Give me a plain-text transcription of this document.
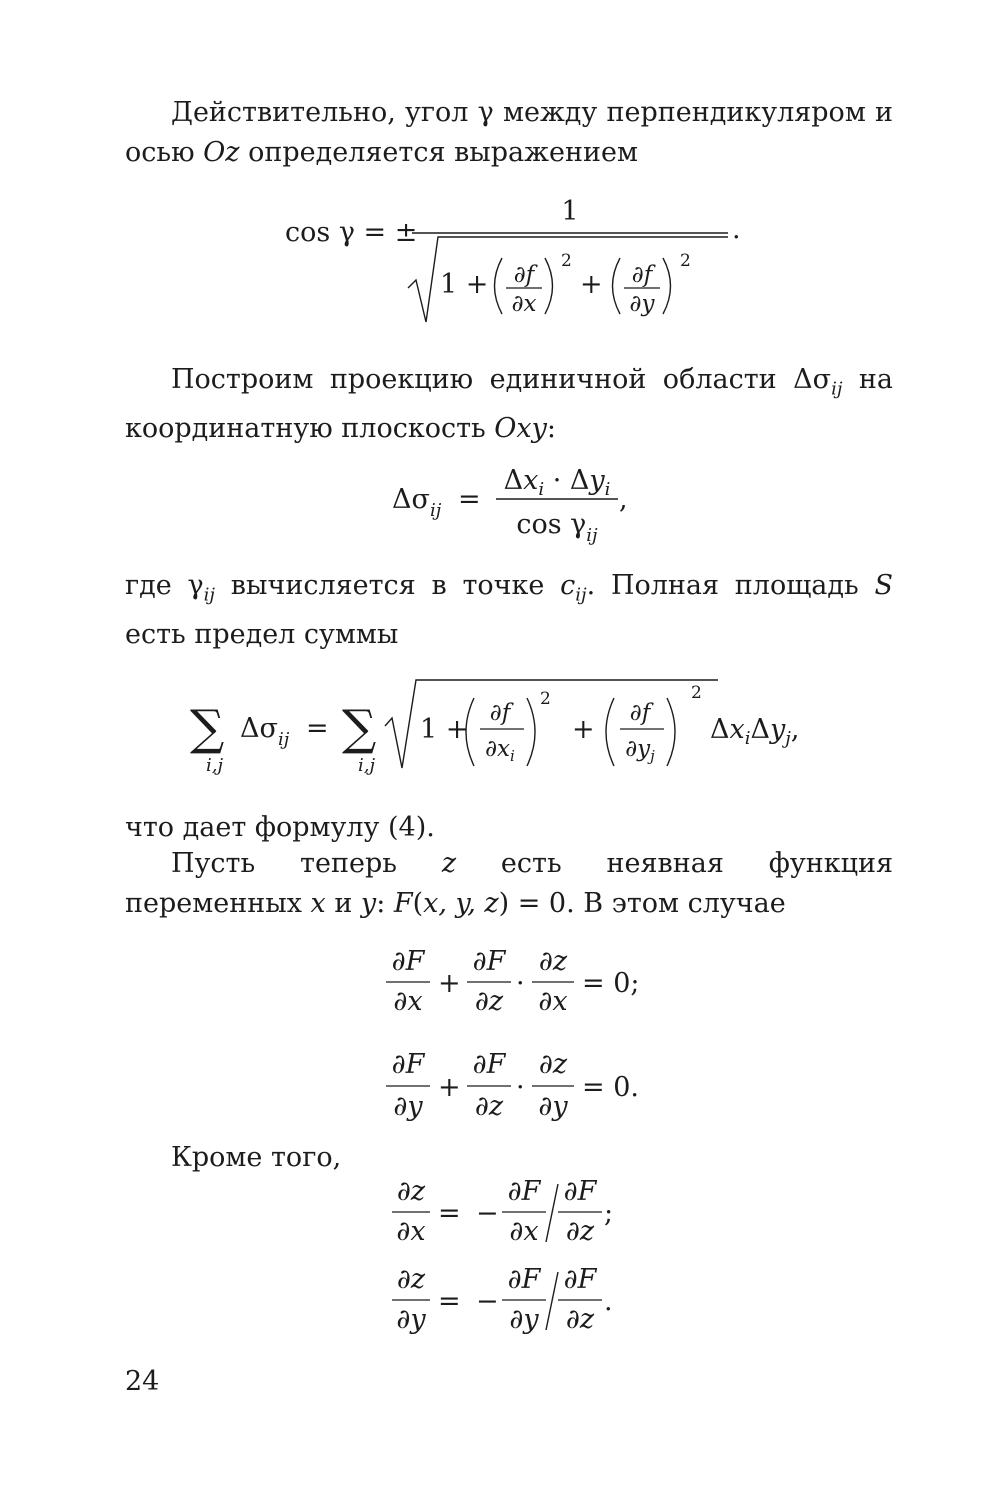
Действительно, угол γ между перпендикуляром и осью Oz определяется выражением

cos γ = ±
1
.
1 + ∂f
∂x
2
+ ∂f
∂y
2

Построим проекцию единичной области $\Delta\sigma_{ij}$ на координатную плоскость Oxy:

Δσ ij =
$\Delta x_i \cdot \Delta y_i$
$\cos \gamma_{ij}$
,

где $\gamma_{ij}$ вычисляется в точке $c_{ij}$. Полная площадь S есть предел суммы

∑
i,j
Δσ ij = ∑
i,j
1 +
∂f
$\partial x_i$
2
+
∂f
$\partial y_j$
2
$\Delta x_i\Delta y_j$,

что дает формулу (4).

Пусть теперь z есть неявная функция переменных x и y: F(x, y, z) = 0. В этом случае

∂F
∂x
+
∂F
∂z
·
∂z
∂x
= 0;
∂F
∂y
+
∂F
∂z
·
∂z
∂y
= 0.

Кроме того,

∂z
∂x
= −
∂F
∂x
∂F
∂z
;
∂z
∂y
= −
∂F
∂y
∂F
∂z
.

24
